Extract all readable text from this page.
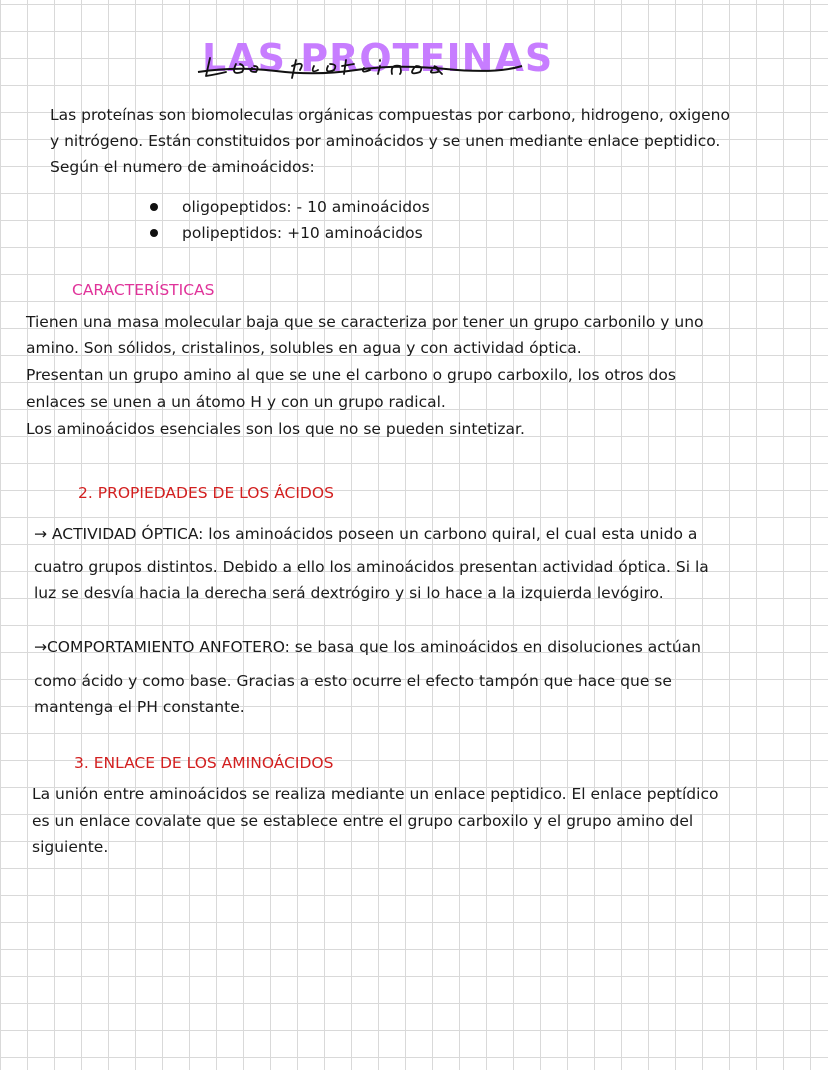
LAS PROTEINAS
Las proteínas son biomoleculas orgánicas compuestas por carbono, hidrogeno, oxigeno
y nitrógeno. Están constituidos por aminoácidos y se unen mediante enlace peptidico.
Según el numero de aminoácidos:
oligopeptidos: - 10 aminoácidos
polipeptidos: +10 aminoácidos
CARACTERÍSTICAS
Tienen una masa molecular baja que se caracteriza por tener un grupo carbonilo y uno
amino. Son sólidos, cristalinos, solubles en agua y con actividad óptica.
Presentan un grupo amino al que se une el carbono o grupo carboxilo, los otros dos
enlaces se unen a un átomo H y con un grupo radical.
Los aminoácidos esenciales son los que no se pueden sintetizar.
2. PROPIEDADES DE LOS ÁCIDOS
→ ACTIVIDAD ÓPTICA: los aminoácidos poseen un carbono quiral, el cual esta unido a
cuatro grupos distintos. Debido a ello los aminoácidos presentan actividad óptica. Si la
luz se desvía hacia la derecha será dextrógiro y si lo hace a la izquierda levógiro.
→COMPORTAMIENTO ANFOTERO: se basa que los aminoácidos en disoluciones actúan
como ácido y como base. Gracias a esto ocurre el efecto tampón que hace que se
mantenga el PH constante.
3. ENLACE DE LOS AMINOÁCIDOS
La unión entre aminoácidos se realiza mediante un enlace peptidico. El enlace peptídico
es un enlace covalate que se establece entre el grupo carboxilo y el grupo amino del
siguiente.
